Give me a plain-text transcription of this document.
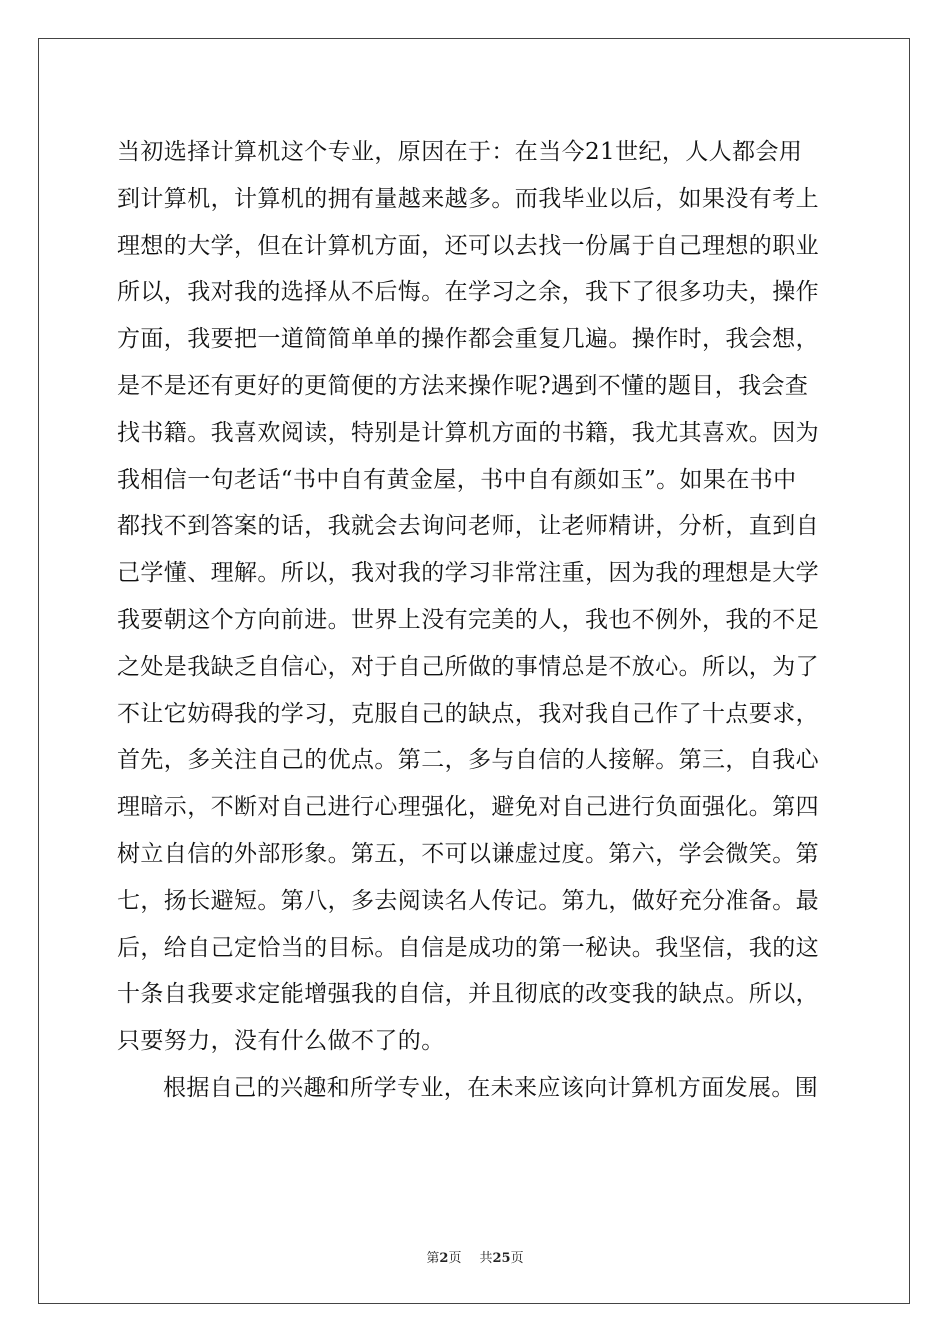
当初选择计算机这个专业，原因在于：在当今21世纪，人人都会用
到计算机，计算机的拥有量越来越多。而我毕业以后，如果没有考上
理想的大学，但在计算机方面，还可以去找一份属于自己理想的职业
所以，我对我的选择从不后悔。在学习之余，我下了很多功夫，操作
方面，我要把一道简简单单的操作都会重复几遍。操作时，我会想，
是不是还有更好的更简便的方法来操作呢?遇到不懂的题目，我会查
找书籍。我喜欢阅读，特别是计算机方面的书籍，我尤其喜欢。因为
我相信一句老话“书中自有黄金屋，书中自有颜如玉”。如果在书中
都找不到答案的话，我就会去询问老师，让老师精讲，分析，直到自
己学懂、理解。所以，我对我的学习非常注重，因为我的理想是大学
我要朝这个方向前进。世界上没有完美的人，我也不例外，我的不足
之处是我缺乏自信心，对于自己所做的事情总是不放心。所以，为了
不让它妨碍我的学习，克服自己的缺点，我对我自己作了十点要求，
首先，多关注自己的优点。第二，多与自信的人接解。第三，自我心
理暗示，不断对自己进行心理强化，避免对自己进行负面强化。第四
树立自信的外部形象。第五，不可以谦虚过度。第六，学会微笑。第
七，扬长避短。第八，多去阅读名人传记。第九，做好充分准备。最
后，给自己定恰当的目标。自信是成功的第一秘诀。我坚信，我的这
十条自我要求定能增强我的自信，并且彻底的改变我的缺点。所以，
只要努力，没有什么做不了的。
根据自己的兴趣和所学专业，在未来应该向计算机方面发展。围
第2页 共25页
